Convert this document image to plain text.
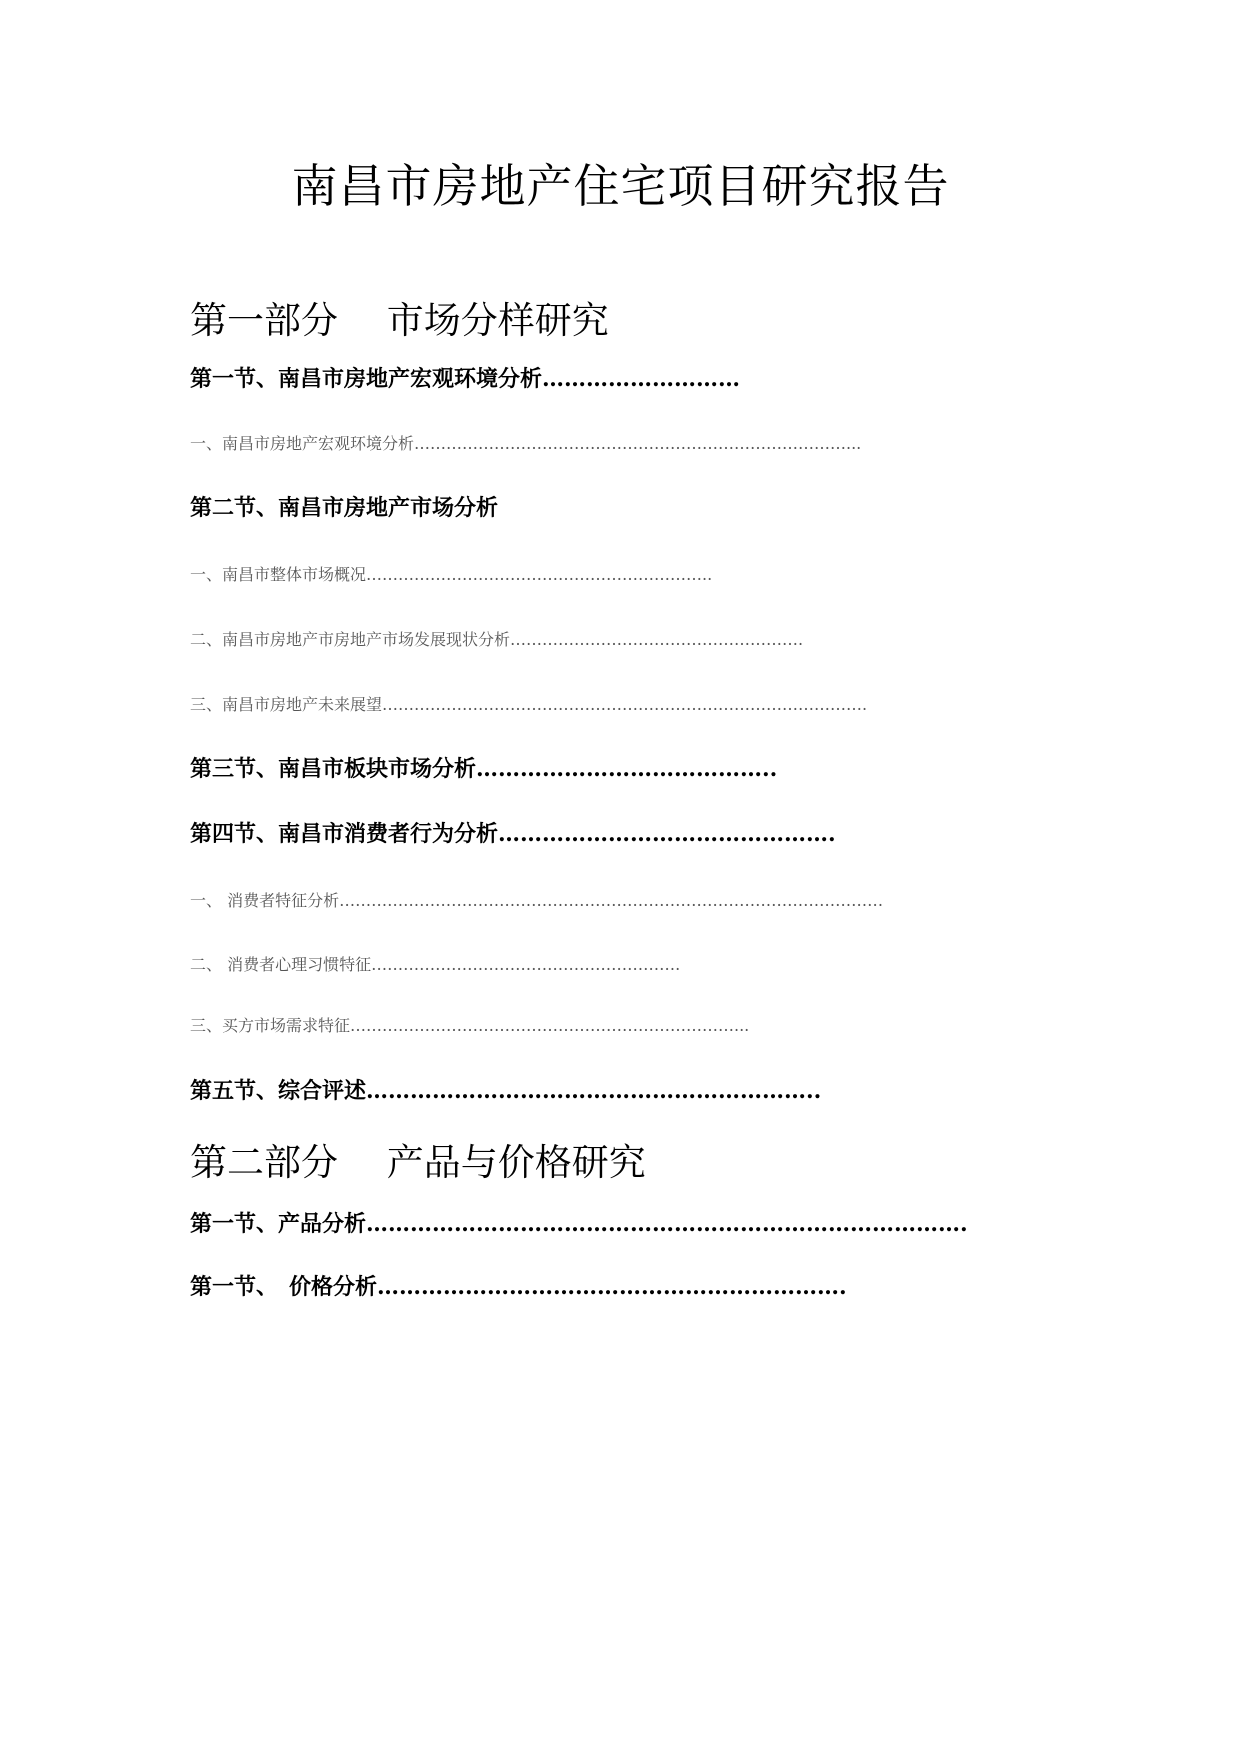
南昌市房地产住宅项目研究报告
第一部分　 市场分样研究
第一节、南昌市房地产宏观环境分析………………………
一、南昌市房地产宏观环境分析………………………………………………………………………...
第二节、南昌市房地产市场分析
一、南昌市整体市场概况………………………………………………………..
二、南昌市房地产市房地产市场发展现状分析……………………………………………….
三、南昌市房地产未来展望……………………………………………………………………………….
第三节、南昌市板块市场分析…………………………………..
第四节、南昌市消费者行为分析……………………………………….
一、 消费者特征分析…………………………………………………………………………………………
二、 消费者心理习惯特征………………………………………………….
三、买方市场需求特征………………………………………………………………...
第五节、综合评述……………………………………………………..
第二部分　 产品与价格研究
第一节、产品分析……………………………………………………………………….
第一节、　价格分析……………………………………………………….
